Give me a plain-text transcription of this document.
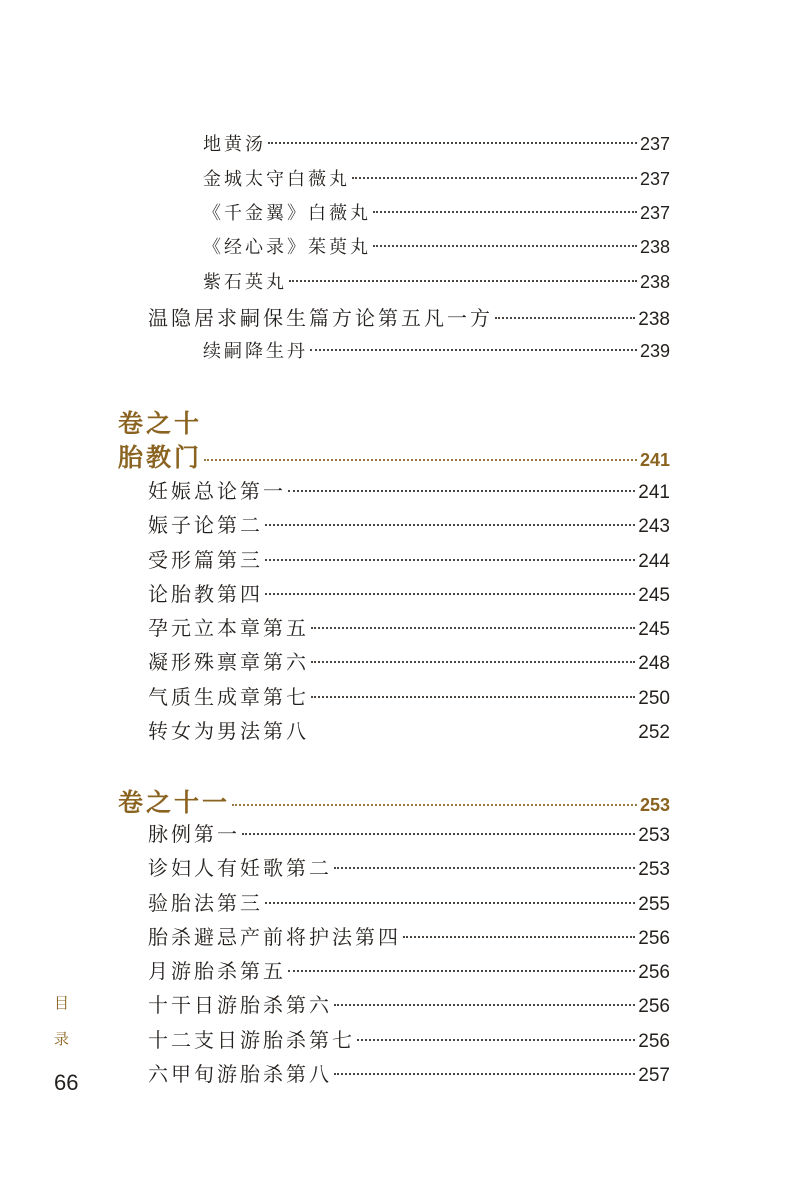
地黄汤	237
金城太守白薇丸	237
《千金翼》白薇丸	237
《经心录》茱萸丸	238
紫石英丸	238
温隐居求嗣保生篇方论第五凡一方	238
续嗣降生丹	239
卷之十
胎教门	241
妊娠总论第一	241
娠子论第二	243
受形篇第三	244
论胎教第四	245
孕元立本章第五	245
凝形殊禀章第六	248
气质生成章第七	250
转女为男法第八	252
卷之十一	253
脉例第一	253
诊妇人有妊歌第二	253
验胎法第三	255
胎杀避忌产前将护法第四	256
月游胎杀第五	256
十干日游胎杀第六	256
十二支日游胎杀第七	256
六甲旬游胎杀第八	257
目
录
66
